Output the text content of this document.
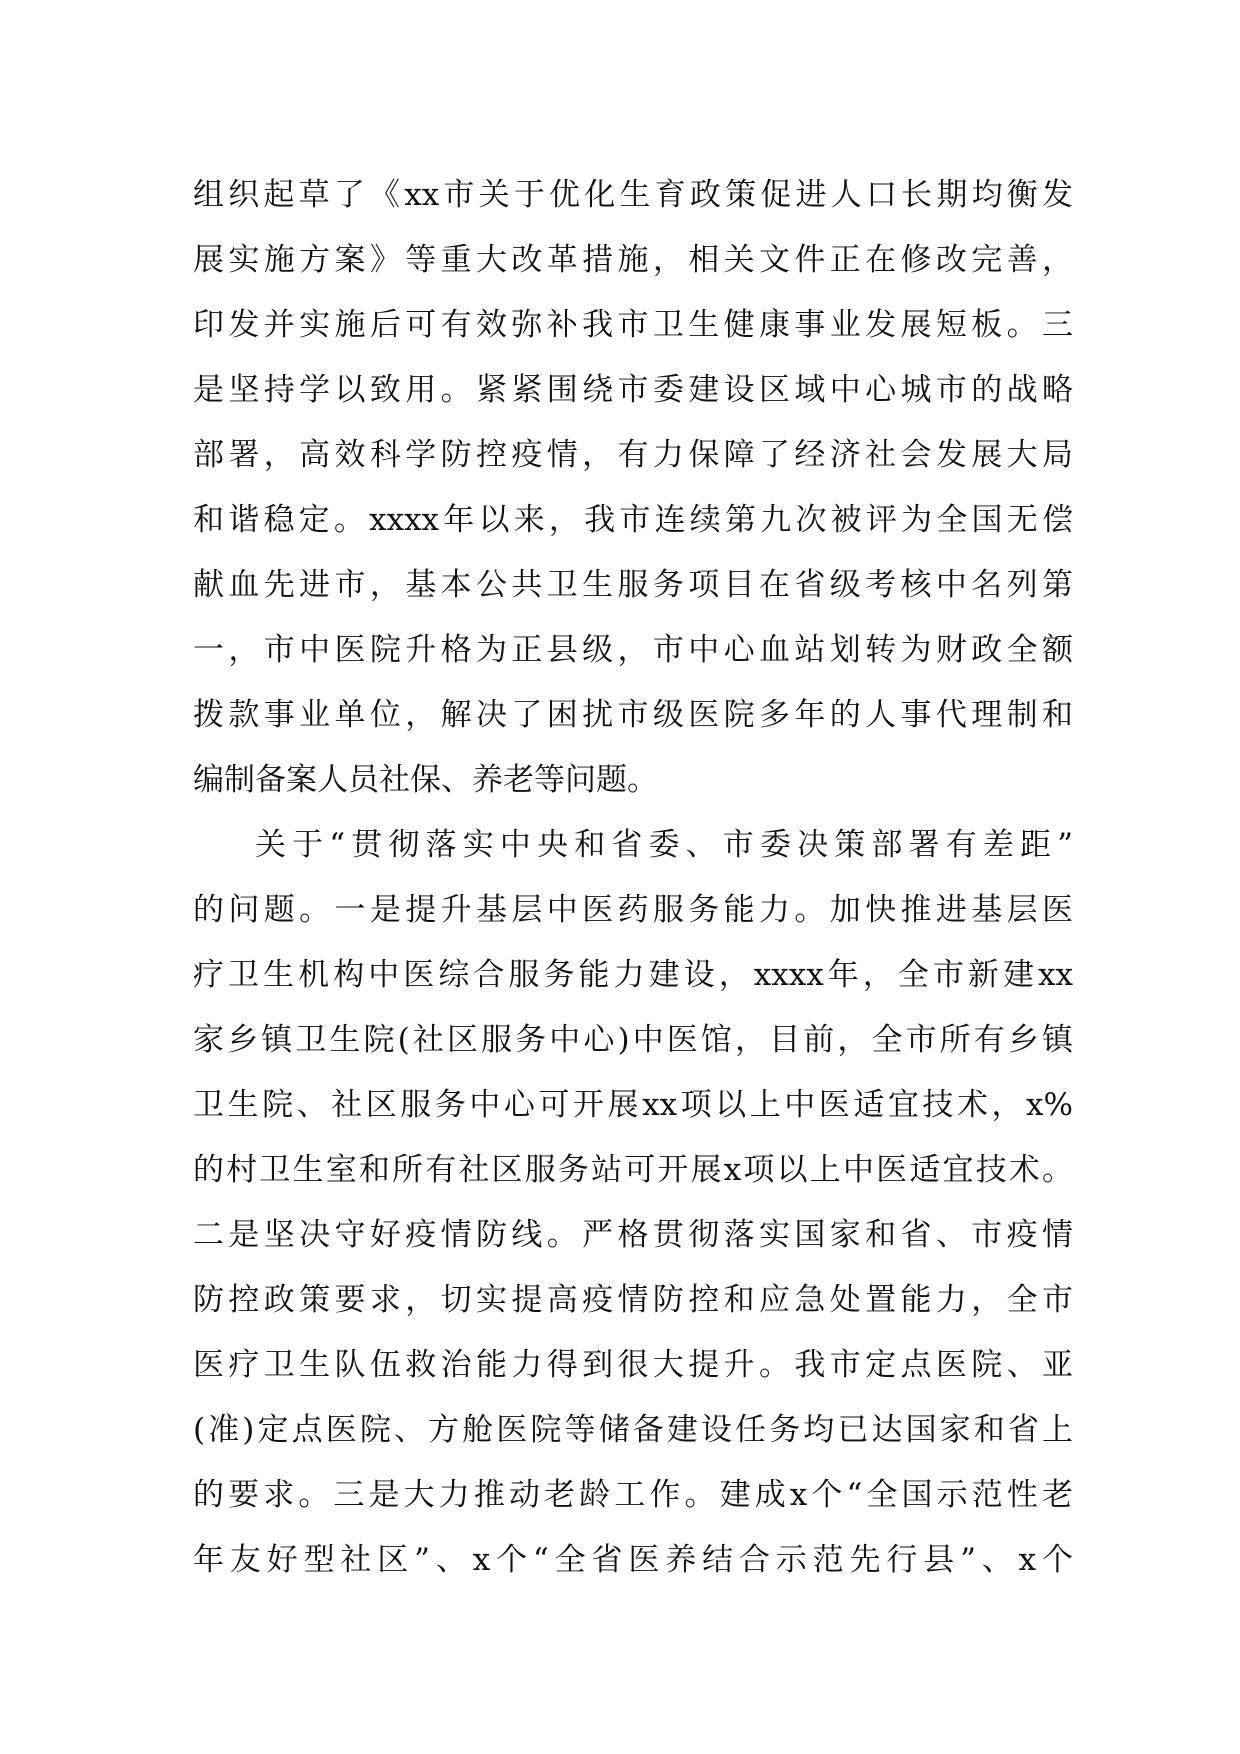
组织起草了《xx市关于优化生育政策促进人口长期均衡发
展实施方案》等重大改革措施，相关文件正在修改完善，
印发并实施后可有效弥补我市卫生健康事业发展短板。三
是坚持学以致用。紧紧围绕市委建设区域中心城市的战略
部署，高效科学防控疫情，有力保障了经济社会发展大局
和谐稳定。xxxx年以来，我市连续第九次被评为全国无偿
献血先进市，基本公共卫生服务项目在省级考核中名列第
一，市中医院升格为正县级，市中心血站划转为财政全额
拨款事业单位，解决了困扰市级医院多年的人事代理制和
编制备案人员社保、养老等问题。
关于“贯彻落实中央和省委、市委决策部署有差距”
的问题。一是提升基层中医药服务能力。加快推进基层医
疗卫生机构中医综合服务能力建设，xxxx年，全市新建xx
家乡镇卫生院(社区服务中心)中医馆，目前，全市所有乡镇
卫生院、社区服务中心可开展xx项以上中医适宜技术，x%
的村卫生室和所有社区服务站可开展x项以上中医适宜技术。
二是坚决守好疫情防线。严格贯彻落实国家和省、市疫情
防控政策要求，切实提高疫情防控和应急处置能力，全市
医疗卫生队伍救治能力得到很大提升。我市定点医院、亚
(准)定点医院、方舱医院等储备建设任务均已达国家和省上
的要求。三是大力推动老龄工作。建成x个“全国示范性老
年友好型社区”、x个“全省医养结合示范先行县”、x个
